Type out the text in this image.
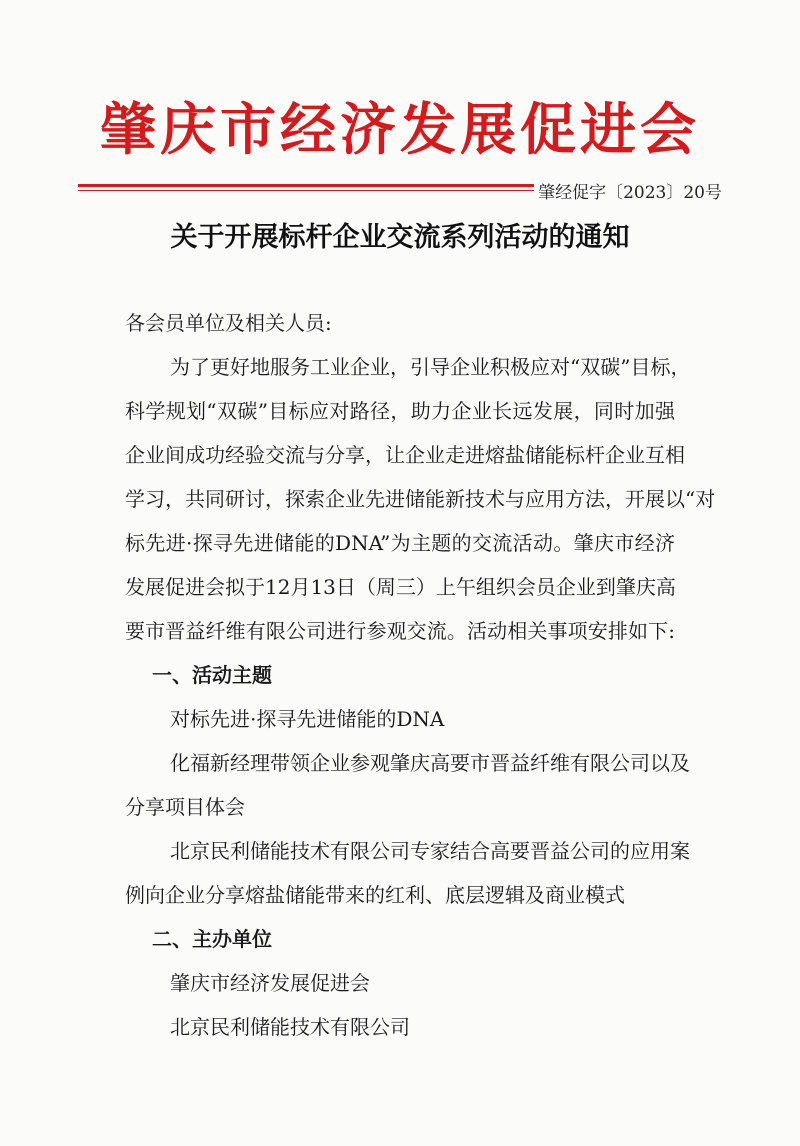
肇庆市经济发展促进会
肇经促字〔2023〕20号
关于开展标杆企业交流系列活动的通知
各会员单位及相关人员:
为了更好地服务工业企业，引导企业积极应对“双碳”目标，
科学规划“双碳”目标应对路径，助力企业长远发展，同时加强
企业间成功经验交流与分享，让企业走进熔盐储能标杆企业互相
学习，共同研讨，探索企业先进储能新技术与应用方法，开展以“对
标先进·探寻先进储能的DNA”为主题的交流活动。肇庆市经济
发展促进会拟于12月13日（周三）上午组织会员企业到肇庆高
要市晋益纤维有限公司进行参观交流。活动相关事项安排如下:
一、活动主题
对标先进·探寻先进储能的DNA
化福新经理带领企业参观肇庆高要市晋益纤维有限公司以及
分享项目体会
北京民利储能技术有限公司专家结合高要晋益公司的应用案
例向企业分享熔盐储能带来的红利、底层逻辑及商业模式
二、主办单位
肇庆市经济发展促进会
北京民利储能技术有限公司
